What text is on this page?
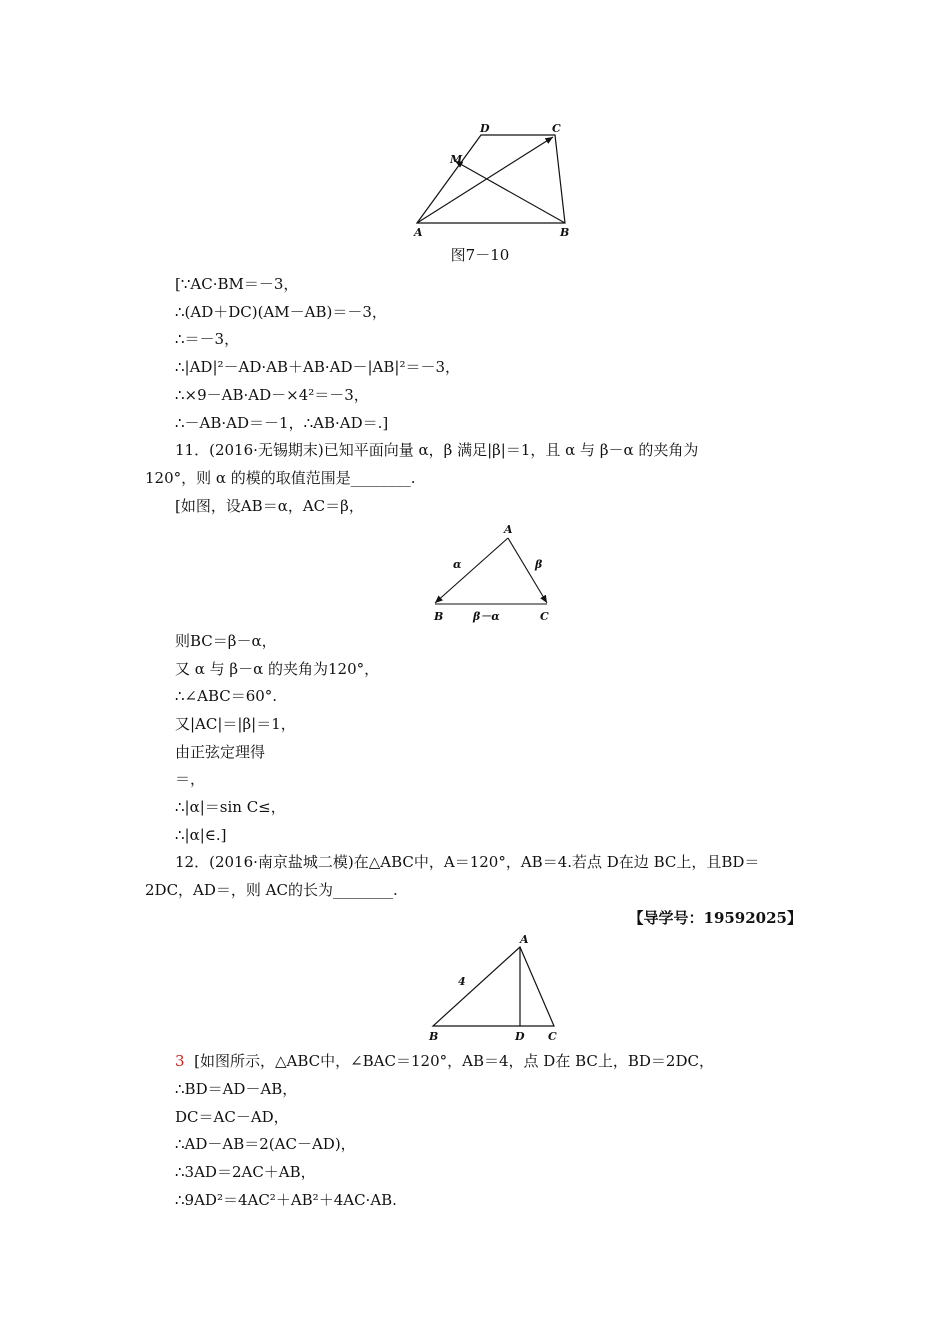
D	C
M
A	B
图7－10
[∵AC·BM＝－3，
∴(AD＋DC)(AM－AB)＝－3，
∴＝－3，
∴|AD|²－AD·AB＋AB·AD－|AB|²＝－3，
∴×9－AB·AD－×4²＝－3，
∴－AB·AD＝－1，∴AB·AD＝.]
11．(2016·无锡期末)已知平面向量 α，β 满足|β|＝1，且 α 与 β－α 的夹角为
120°，则 α 的模的取值范围是________.
[如图，设AB＝α，AC＝β，
A
α	β
B	β－α	C
则BC＝β－α，
又 α 与 β－α 的夹角为120°，
∴∠ABC＝60°.
又|AC|＝|β|＝1，
由正弦定理得
＝，
∴|α|＝sin C≤，
∴|α|∈.]
12．(2016·南京盐城二模)在△ABC中，A＝120°，AB＝4.若点 D在边 BC上，且BD＝
2DC，AD＝，则 AC的长为________.
【导学号：19592025】
A
4
B	D C
3 [如图所示，△ABC中，∠BAC＝120°，AB＝4，点 D在 BC上，BD＝2DC，
∴BD＝AD－AB，
DC＝AC－AD，
∴AD－AB＝2(AC－AD)，
∴3AD＝2AC＋AB，
∴9AD²＝4AC²＋AB²＋4AC·AB.
